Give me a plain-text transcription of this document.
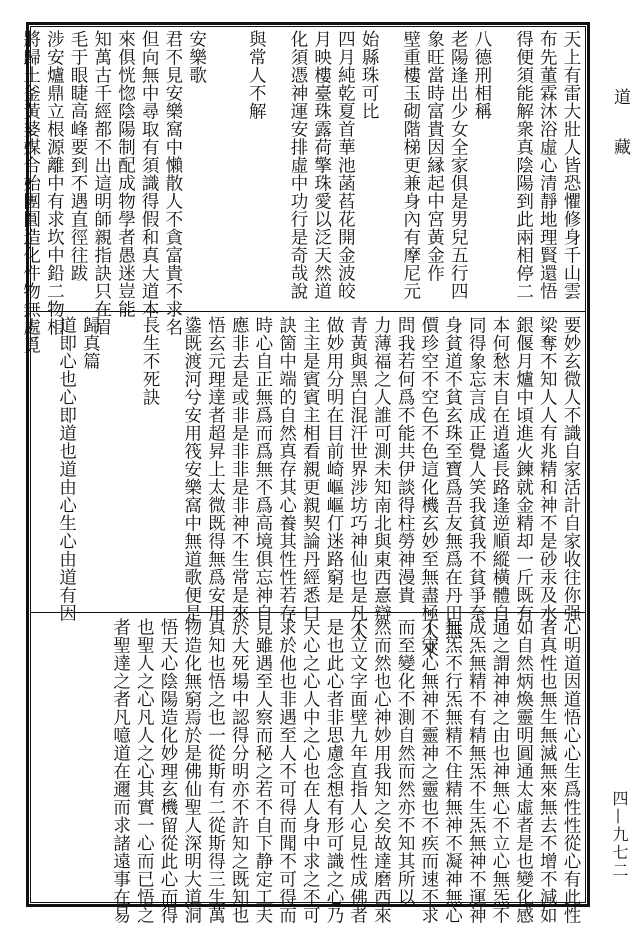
道
藏
四—九七二
天上有雷大壯人皆恐懼修身千山雲
布先董霖沐浴虛心清靜地理賢還悟
得便須能解衆真陰陽到此兩相停二
八德刑相稱
老陽逢出少女全家俱是男兒五行四
象旺當時富貴因縁起中宮黃金作
壁重樓玉砌階梯更兼身內有摩尼元
始縣珠可比
四月純乾夏首華池菡萏花開金波皎
月映樓臺珠露荷擎珠愛以泛天然道
化須憑神運安排虛中功行是奇哉說
與常人不解
安樂歌
君不見安樂窩中懶散人不貪富貴不求名
但向無中尋取有須識得假和真大道本
來俱恍惚陰陽制配成物學者愚迷豈能
知萬古千經都不出這明師親指訣只在眉
毛于眼睫高峰要到不遇直徑往跋
涉安爐鼎立根源離中有求坎中鉛二物相
將歸土釜黃婆媒合始團圓造化件物無處覓
要妙玄微人不識自家活計自家收往你强
梁奪不知人人有兆精和神不是砂汞及水
銀偃月爐中頃進火鍊就金精却一斤既有
本何愁末自在逍遙長路逢逆順縱橫體自
同得象忘言成正覺人笑我貧我不貧爭奈
身貧道不貧玄珠至寶爲吾友無爲在丹田無
價珍空不空色不色這化機玄妙至無盡極人來
問我若何爲不能共伊談得柱勞神漫貴
力薄福之人誰可測未知南北與東西憙辯
青黃與黑白混汗世界涉坊巧神仙也是凡人
做妙用分明在目前崎嶇嶇仃迷路窮是
主主是賓賓主相看親更親契論丹經悉口
訣箇中端的自然真存其心養其性性若存
時心自正無爲而爲無不爲高境俱忘神自
應非去是或非是非非是非神不生常是來
悟玄元理達者超昇上太微既得無爲安用
鍌既渡河兮安用筏安樂窩中無道歌便是
長生不死訣
歸真篇
道即心也心即道也道由心生心由道有因
心明道因道悟心心生爲性性從心有此性
者真性也無生無滅無來無去不增不減如
如自然炳煥靈明圓通太虛者是也變化感
通之謂神神之由也神無心不立心無炁不
成炁無精不有精無炁不生炁無神不運神
無炁不行炁無精不住精無神不凝神無心
不守心無神不靈神之靈也不疾而速不求
而至變化不測自然而然亦不知其所以
然而然也心神妙用我知之矣故達磨西來
不立文字面壁九年直指人心見性成佛者
是也此心者非思慮念想有形可識之心乃
天心之心人中之心也在人身中求之不可
求於他也非遇至人不可得而聞不可得而
見雖遇至人察而秘之若不自下静定工夫
於大死場中認得分明亦不許知之既知也
真知也悟之也一從斯有二從斯得三生萬
物造化無窮焉於是佛仙聖人深明大道洞
悟天心陰陽造化妙理玄機留從此心而得
也聖人之心凡人之心其實一心而已悟之
者聖達之者凡噫道在邇而求諸遠事在易
